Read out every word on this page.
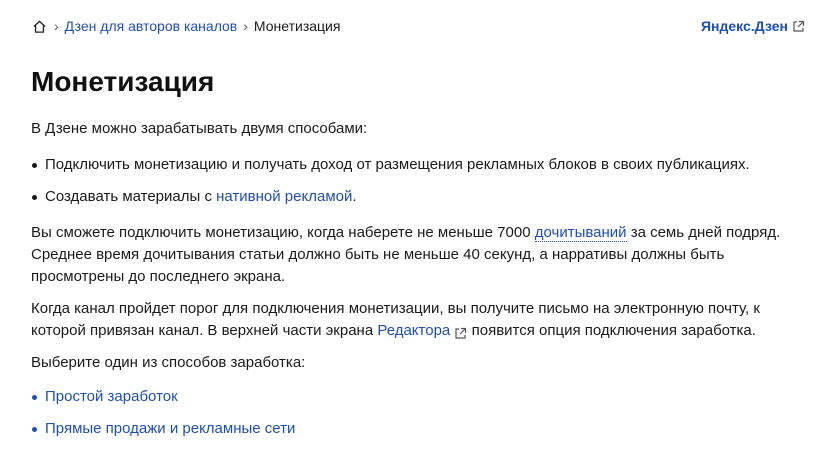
› Дзен для авторов каналов › Монетизация	Яндекс.Дзен
Монетизация

В Дзене можно зарабатывать двумя способами:

Подключить монетизацию и получать доход от размещения рекламных блоков в своих публикациях.
Создавать материалы с нативной рекламой.

Вы сможете подключить монетизацию, когда наберете не меньше 7000 дочитываний за семь дней подряд. Среднее время дочитывания статьи должно быть не меньше 40 секунд, а нарративы должны быть просмотрены до последнего экрана.

Когда канал пройдет порог для подключения монетизации, вы получите письмо на электронную почту, к которой привязан канал. В верхней части экрана Редактора  появится опция подключения заработка.

Выберите один из способов заработка:

Простой заработок
Прямые продажи и рекламные сети
